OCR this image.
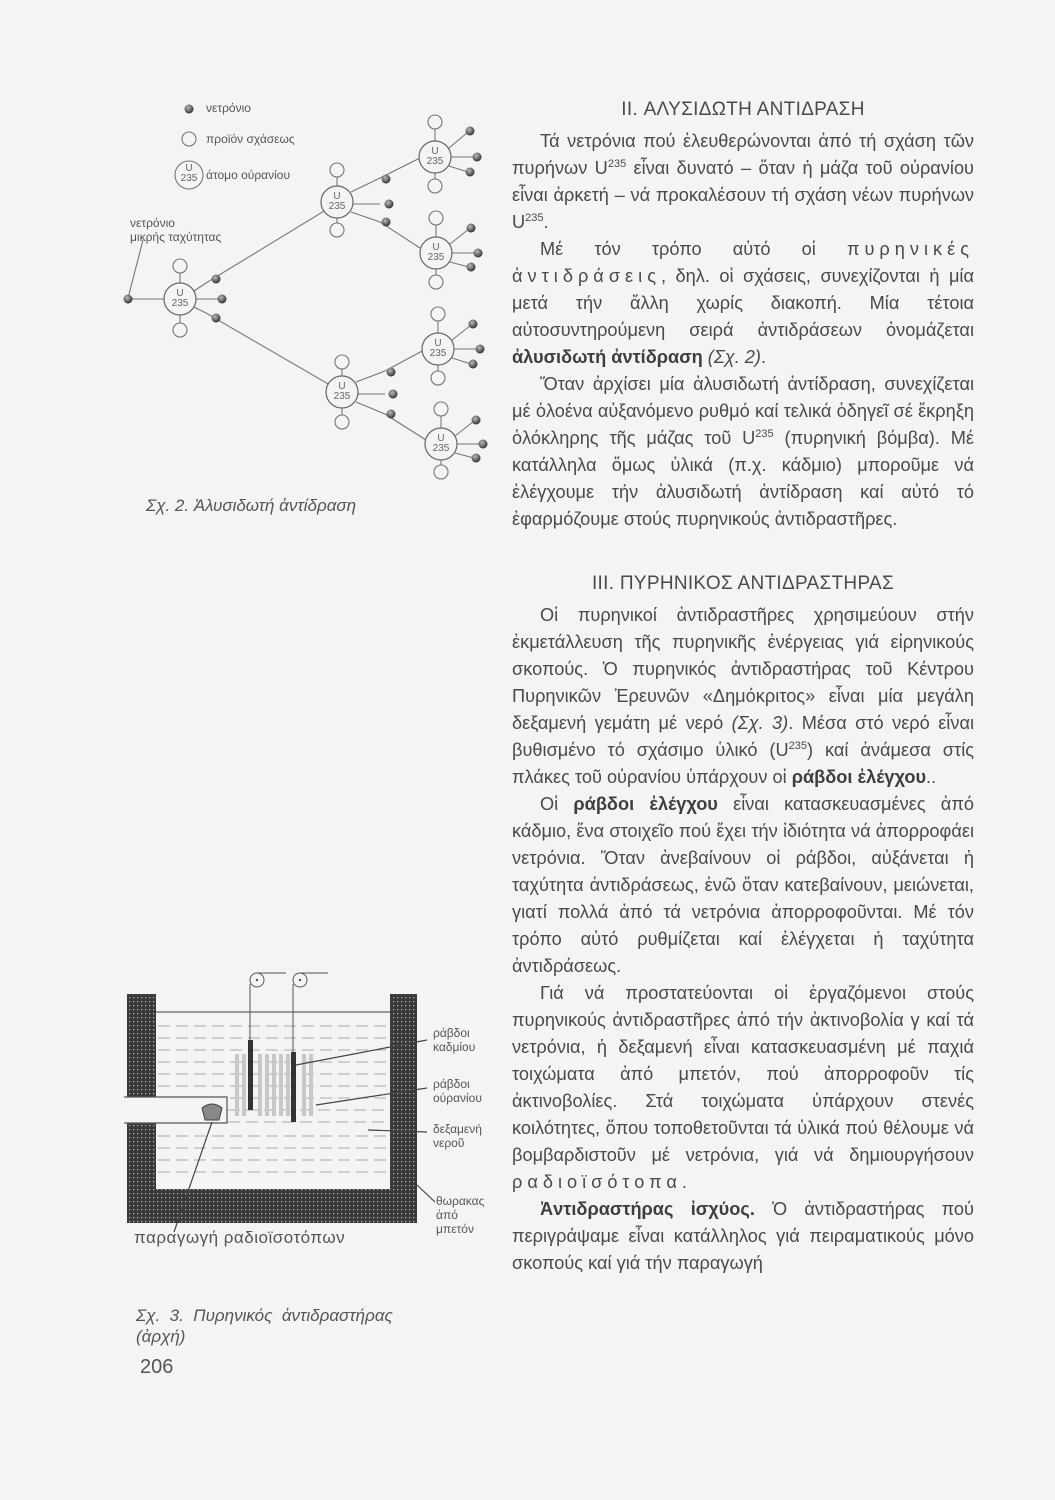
νετρόνιο
προϊόν σχάσεως
άτομο ούρανίου
U
235
νετρόνιο
μικρής ταχύτητας
U
235
U
235
U
235
U
235
U
235
U
235
U
235
Σχ. 2. Ἀλυσιδωτή ἀντίδραση
ράβδοι
καδμίου
ράβδοι
ούρανίου
δεξαμενή
νεροῦ
θωρακας
ἀπό
μπετόν
παραγωγή ραδιοϊσοτόπων
Σχ.  3.  Πυρηνικός  ἀντιδραστήρας
(ἀρχή)
206

II. ΑΛΥΣΙΔΩΤΗ ΑΝΤΙΔΡΑΣΗ

Τά νετρόνια πού ἐλευθερώνονται ἀπό τή σχάση τῶν πυρήνων $U^{235}$ εἶναι δυνατό – ὅταν ἡ μάζα τοῦ οὐρανίου εἶναι ἀρκετή – νά προκαλέσουν τή σχάση νέων πυρήνων $U^{235}$.

Μέ τόν τρόπο αὐτό οἱ πυρηνικές ἀντιδράσεις, δηλ. οἱ σχάσεις, συνεχίζονται ἡ μία μετά τήν ἄλλη χωρίς διακοπή. Μία τέτοια αὐτοσυντηρούμενη σειρά ἀντιδράσεων ὀνομάζεται ἀλυσιδωτή ἀντίδραση (Σχ. 2).

Ὅταν ἀρχίσει μία ἀλυσιδωτή ἀντίδραση, συνεχίζεται μέ ὁλοένα αὐξανόμενο ρυθμό καί τελικά ὁδηγεῖ σέ ἔκρηξη ὁλόκληρης τῆς μάζας τοῦ $U^{235}$ (πυρηνική βόμβα). Μέ κατάλληλα ὅμως ὑλικά (π.χ. κάδμιο) μποροῦμε νά ἐλέγχουμε τήν ἀλυσιδωτή ἀντίδραση καί αὐτό τό ἐφαρμόζουμε στούς πυρηνικούς ἀντιδραστῆρες.

III. ΠΥΡΗΝΙΚΟΣ ΑΝΤΙΔΡΑΣΤΗΡΑΣ

Οἱ πυρηνικοί ἀντιδραστῆρες χρησιμεύουν στήν ἐκμετάλλευση τῆς πυρηνικῆς ἐνέργειας γιά εἰρηνικούς σκοπούς. Ὁ πυρηνικός ἀντιδραστήρας τοῦ Κέντρου Πυρηνικῶν Ἐρευνῶν «Δημόκριτος» εἶναι μία μεγάλη δεξαμενή γεμάτη μέ νερό (Σχ. 3). Μέσα στό νερό εἶναι βυθισμένο τό σχάσιμο ὑλικό $(U^{235})$ καί ἀνάμεσα στίς πλάκες τοῦ οὐρανίου ὑπάρχουν οἱ ράβδοι ἐλέγχου..

Οἱ ράβδοι ἐλέγχου εἶναι κατασκευασμένες ἀπό κάδμιο, ἕνα στοιχεῖο πού ἔχει τήν ἰδιότητα νά ἀπορροφάει νετρόνια. Ὅταν ἀνεβαίνουν οἱ ράβδοι, αὐξάνεται ἡ ταχύτητα ἀντιδράσεως, ἐνῶ ὅταν κατεβαίνουν, μειώνεται, γιατί πολλά ἀπό τά νετρόνια ἀπορροφοῦνται. Μέ τόν τρόπο αὐτό ρυθμίζεται καί ἐλέγχεται ἡ ταχύτητα ἀντιδράσεως.

Γιά νά προστατεύονται οἱ ἐργαζόμενοι στούς πυρηνικούς ἀντιδραστῆρες ἀπό τήν ἀκτινοβολία γ καί τά νετρόνια, ἡ δεξαμενή εἶναι κατασκευασμένη μέ παχιά τοιχώματα ἀπό μπετόν, πού ἀπορροφοῦν τίς ἀκτινοβολίες. Στά τοιχώματα ὑπάρχουν στενές κοιλότητες, ὅπου τοποθετοῦνται τά ὑλικά πού θέλουμε νά βομβαρδιστοῦν μέ νετρόνια, γιά νά δημιουργήσουν ραδιοϊσότοπα.

Ἀντιδραστήρας ἰσχύος. Ὁ ἀντιδραστήρας πού περιγράψαμε εἶναι κατάλληλος γιά πειραματικούς μόνο σκοπούς καί γιά τήν παραγωγή
